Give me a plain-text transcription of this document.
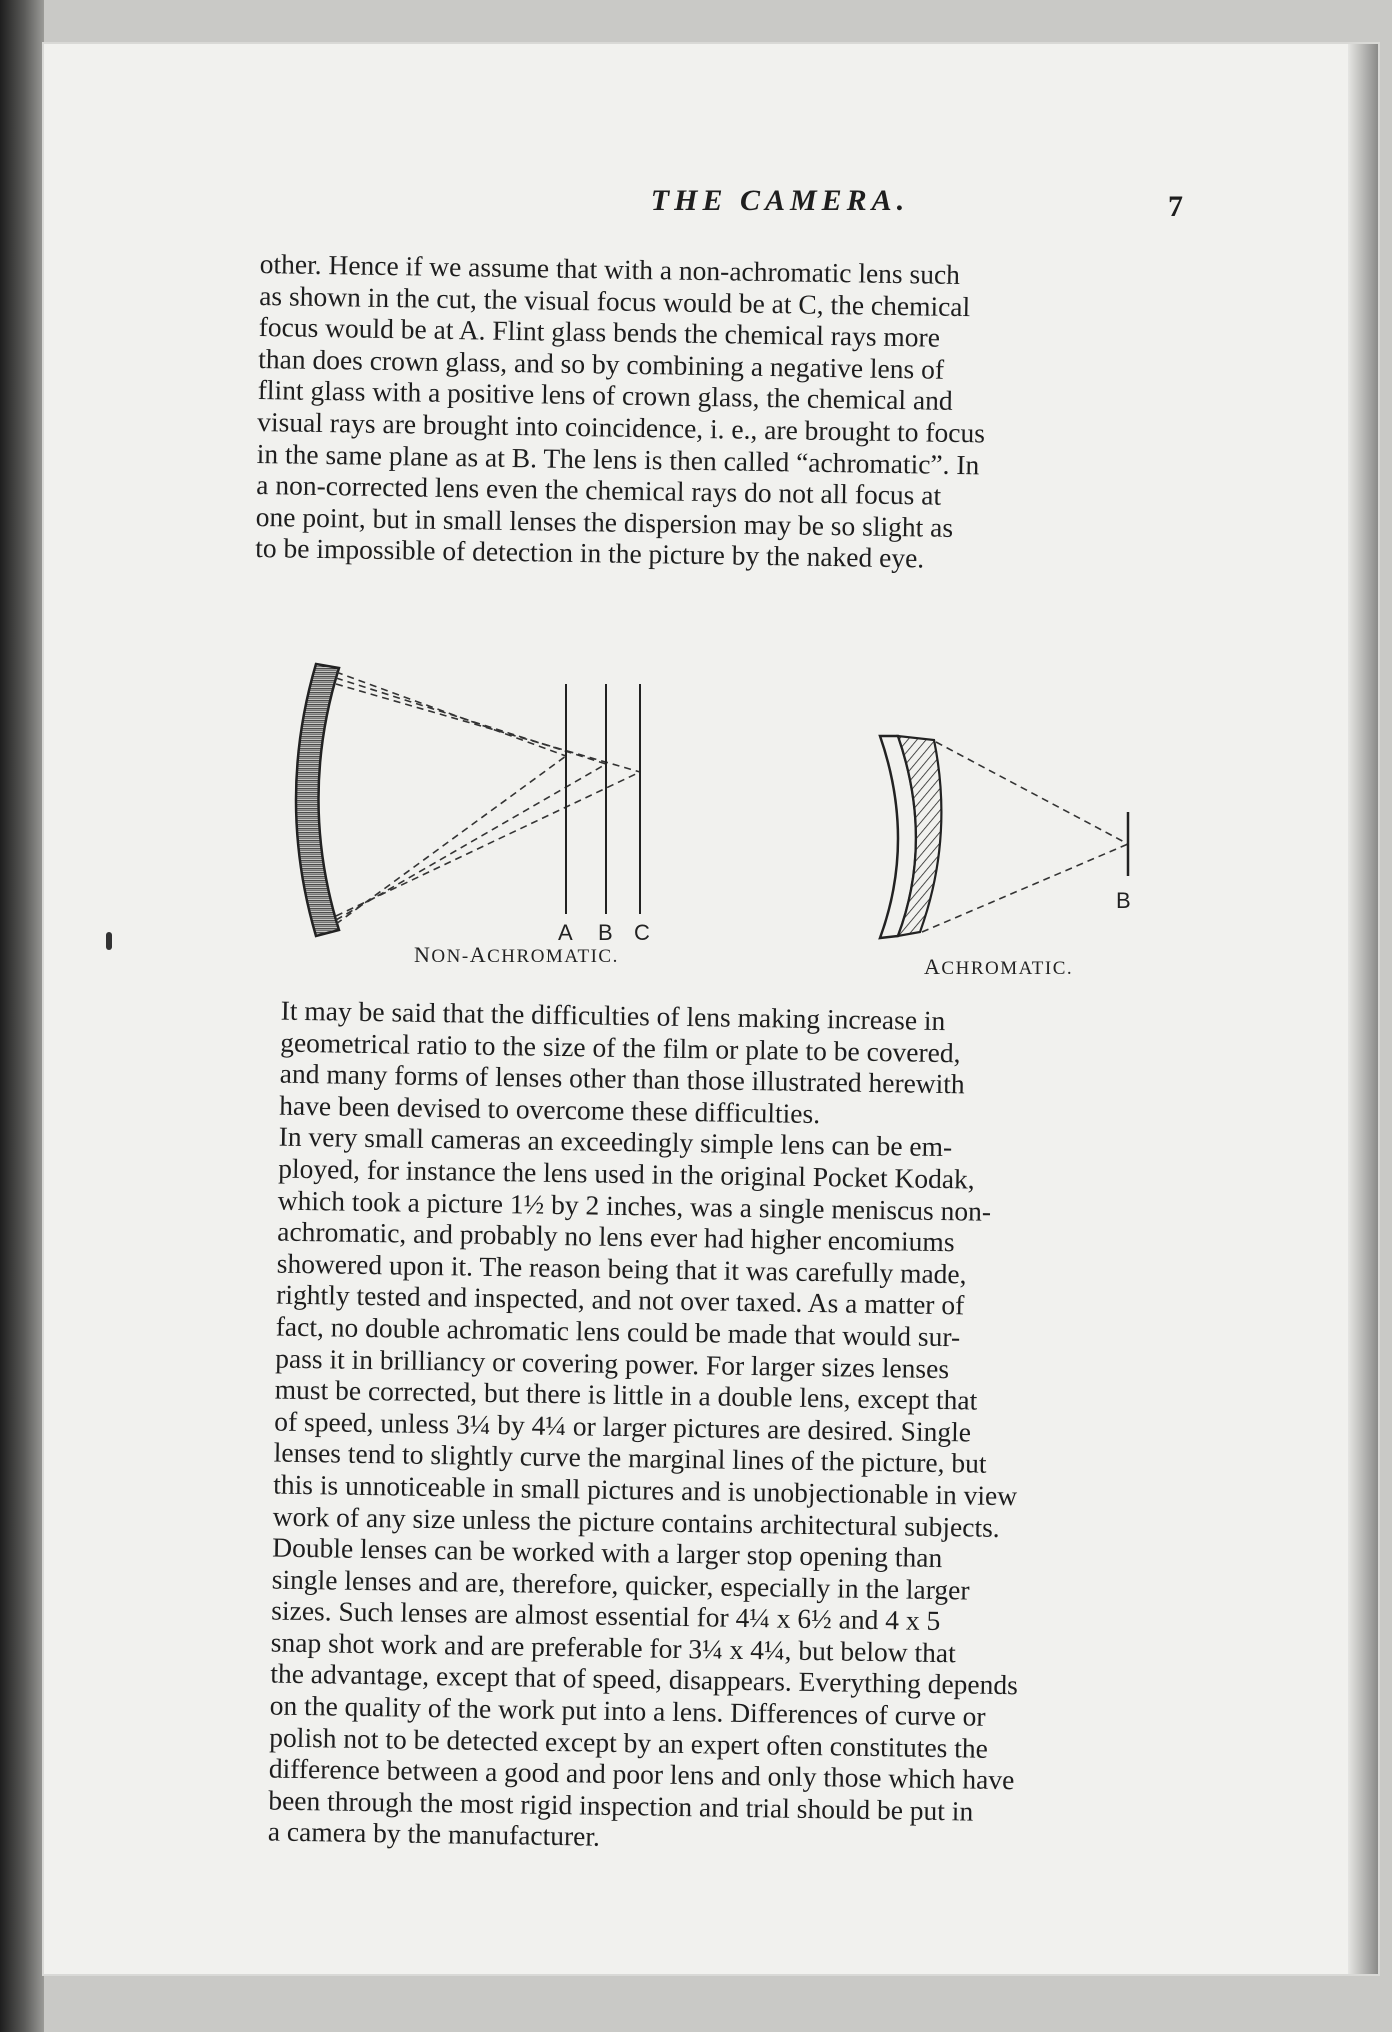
THE CAMERA.	7
other. Hence if we assume that with a non-achromatic lens such
as shown in the cut, the visual focus would be at C, the chemical
focus would be at A. Flint glass bends the chemical rays more
than does crown glass, and so by combining a negative lens of
flint glass with a positive lens of crown glass, the chemical and
visual rays are brought into coincidence, i. e., are brought to focus
in the same plane as at B. The lens is then called “achromatic”. In
a non-corrected lens even the chemical rays do not all focus at
one point, but in small lenses the dispersion may be so slight as
to be impossible of detection in the picture by the naked eye.
A B C
NON-ACHROMATIC.
B
ACHROMATIC.
It may be said that the difficulties of lens making increase in
geometrical ratio to the size of the film or plate to be covered,
and many forms of lenses other than those illustrated herewith
have been devised to overcome these difficulties.
In very small cameras an exceedingly simple lens can be em-
ployed, for instance the lens used in the original Pocket Kodak,
which took a picture 1½ by 2 inches, was a single meniscus non-
achromatic, and probably no lens ever had higher encomiums
showered upon it. The reason being that it was carefully made,
rightly tested and inspected, and not over taxed. As a matter of
fact, no double achromatic lens could be made that would sur-
pass it in brilliancy or covering power. For larger sizes lenses
must be corrected, but there is little in a double lens, except that
of speed, unless 3¼ by 4¼ or larger pictures are desired. Single
lenses tend to slightly curve the marginal lines of the picture, but
this is unnoticeable in small pictures and is unobjectionable in view
work of any size unless the picture contains architectural subjects.
Double lenses can be worked with a larger stop opening than
single lenses and are, therefore, quicker, especially in the larger
sizes. Such lenses are almost essential for 4¼ x 6½ and 4 x 5
snap shot work and are preferable for 3¼ x 4¼, but below that
the advantage, except that of speed, disappears. Everything depends
on the quality of the work put into a lens. Differences of curve or
polish not to be detected except by an expert often constitutes the
difference between a good and poor lens and only those which have
been through the most rigid inspection and trial should be put in
a camera by the manufacturer.
